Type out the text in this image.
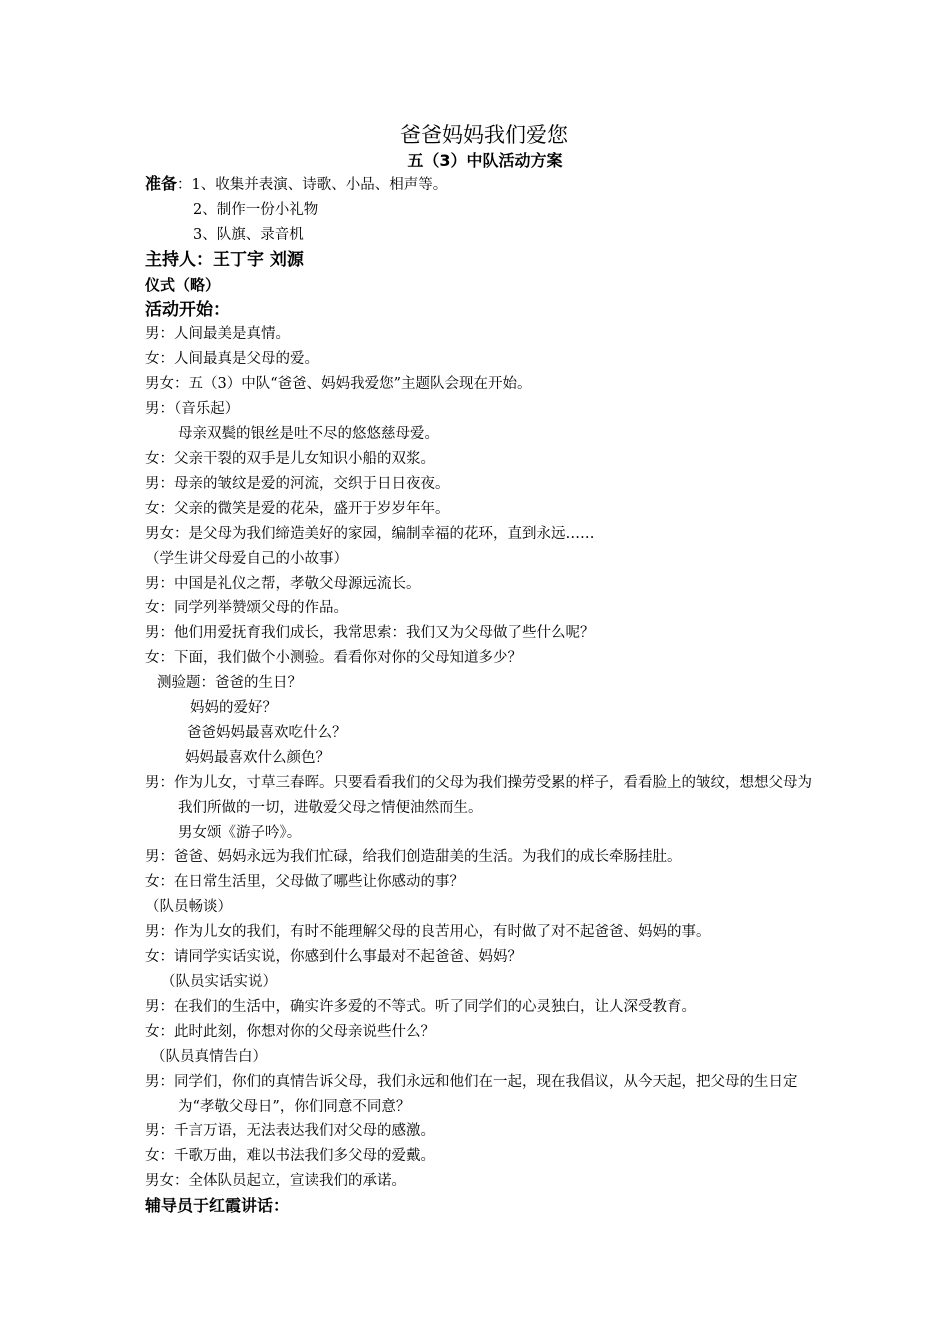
爸爸妈妈我们爱您
五（3）中队活动方案
准备：1、收集并表演、诗歌、小品、相声等。
2、制作一份小礼物
3、队旗、录音机
主持人：王丁宇 刘源
仪式（略）
活动开始：
男：人间最美是真情。
女：人间最真是父母的爱。
男女：五（3）中队“爸爸、妈妈我爱您”主题队会现在开始。
男：（音乐起）
母亲双鬓的银丝是吐不尽的悠悠慈母爱。
女：父亲干裂的双手是儿女知识小船的双浆。
男：母亲的皱纹是爱的河流，交织于日日夜夜。
女：父亲的微笑是爱的花朵，盛开于岁岁年年。
男女：是父母为我们缔造美好的家园，编制幸福的花环，直到永远……
（学生讲父母爱自己的小故事）
男：中国是礼仪之帮，孝敬父母源远流长。
女：同学列举赞颂父母的作品。
男：他们用爱抚育我们成长，我常思索：我们又为父母做了些什么呢？
女：下面，我们做个小测验。看看你对你的父母知道多少？
测验题：爸爸的生日？
妈妈的爱好？
爸爸妈妈最喜欢吃什么？
妈妈最喜欢什么颜色？
男：作为儿女，寸草三春晖。只要看看我们的父母为我们操劳受累的样子，看看脸上的皱纹，想想父母为我们所做的一切，进敬爱父母之情便油然而生。
男女颂《游子吟》。
男：爸爸、妈妈永远为我们忙碌，给我们创造甜美的生活。为我们的成长牵肠挂肚。
女：在日常生活里，父母做了哪些让你感动的事？
（队员畅谈）
男：作为儿女的我们，有时不能理解父母的良苦用心，有时做了对不起爸爸、妈妈的事。
女：请同学实话实说，你感到什么事最对不起爸爸、妈妈？
（队员实话实说）
男：在我们的生活中，确实许多爱的不等式。听了同学们的心灵独白，让人深受教育。
女：此时此刻，你想对你的父母亲说些什么？
（队员真情告白）
男：同学们，你们的真情告诉父母，我们永远和他们在一起，现在我倡议，从今天起，把父母的生日定为“孝敬父母日”，你们同意不同意？
男：千言万语，无法表达我们对父母的感激。
女：千歌万曲，难以书法我们多父母的爱戴。
男女：全体队员起立，宣读我们的承诺。
辅导员于红霞讲话：
